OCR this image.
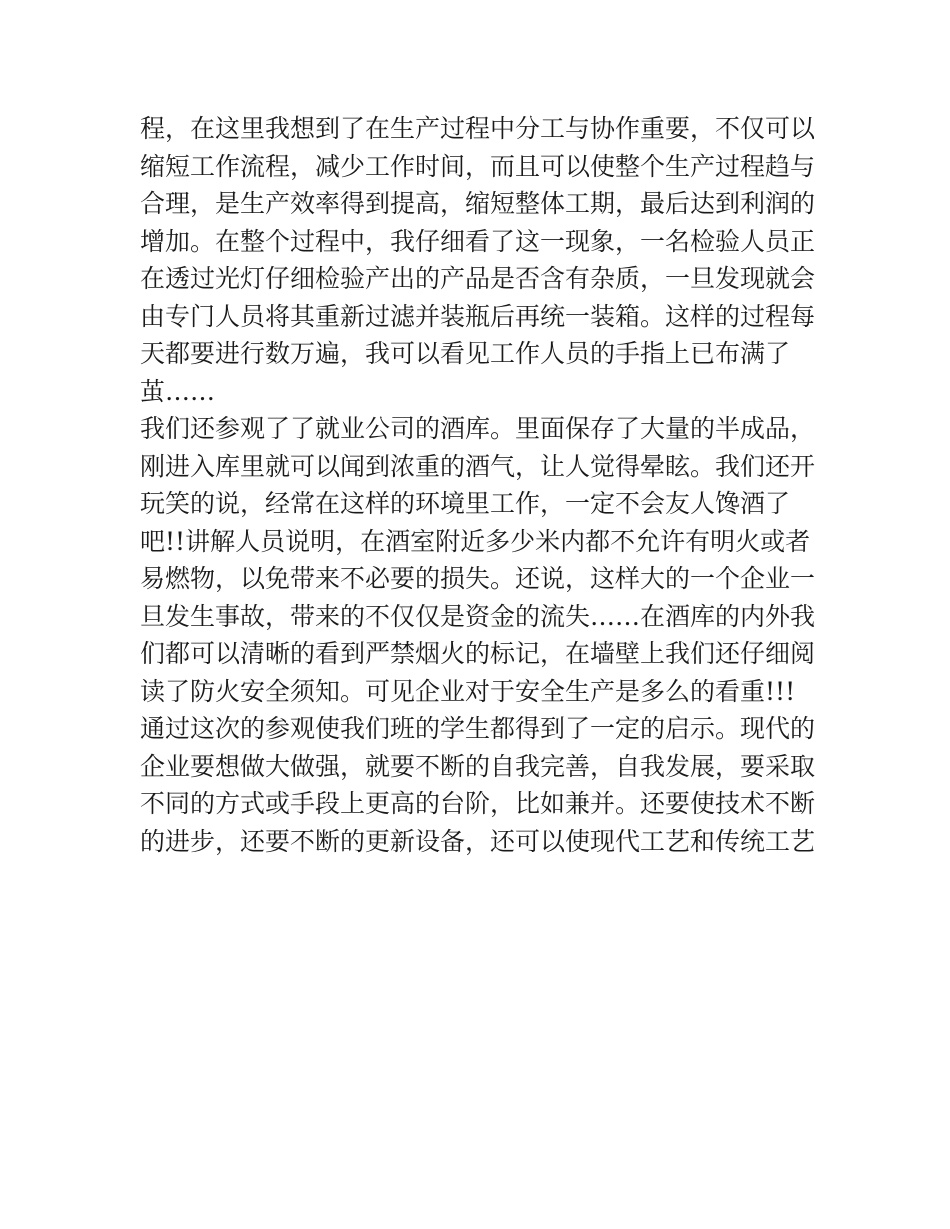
程，在这里我想到了在生产过程中分工与协作重要，不仅可以
缩短工作流程，减少工作时间，而且可以使整个生产过程趋与
合理，是生产效率得到提高，缩短整体工期，最后达到利润的
增加。在整个过程中，我仔细看了这一现象，一名检验人员正
在透过光灯仔细检验产出的产品是否含有杂质，一旦发现就会
由专门人员将其重新过滤并装瓶后再统一装箱。这样的过程每
天都要进行数万遍，我可以看见工作人员的手指上已布满了
茧……
我们还参观了了就业公司的酒库。里面保存了大量的半成品，
刚进入库里就可以闻到浓重的酒气，让人觉得晕眩。我们还开
玩笑的说，经常在这样的环境里工作，一定不会友人馋酒了
吧!!讲解人员说明，在酒室附近多少米内都不允许有明火或者
易燃物，以免带来不必要的损失。还说，这样大的一个企业一
旦发生事故，带来的不仅仅是资金的流失……在酒库的内外我
们都可以清晰的看到严禁烟火的标记，在墙壁上我们还仔细阅
读了防火安全须知。可见企业对于安全生产是多么的看重!!!
通过这次的参观使我们班的学生都得到了一定的启示。现代的
企业要想做大做强，就要不断的自我完善，自我发展，要采取
不同的方式或手段上更高的台阶，比如兼并。还要使技术不断
的进步，还要不断的更新设备，还可以使现代工艺和传统工艺
